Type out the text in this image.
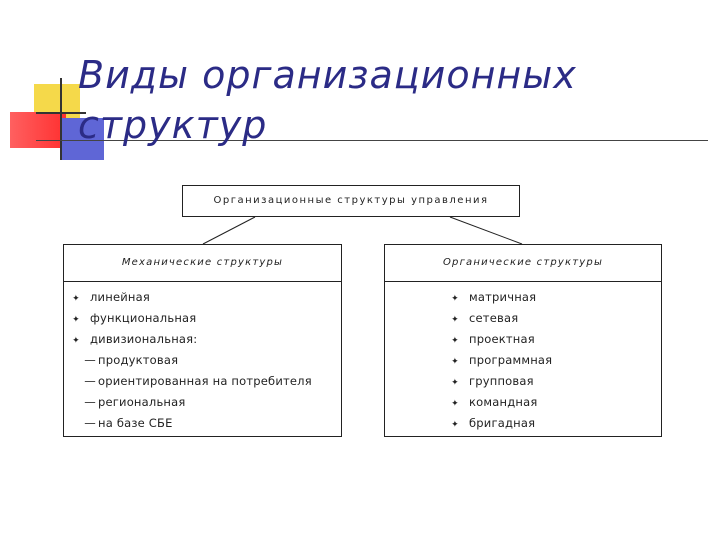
Виды организационных структур
Организационные структуры управления
Механические структуры
✦ линейная
✦ функциональная
✦ дивизиональная:
— продуктовая
— ориентированная на потребителя
— региональная
— на базе СБЕ
Органические структуры
✦ матричная
✦ сетевая
✦ проектная
✦ программная
✦ групповая
✦ командная
✦ бригадная
